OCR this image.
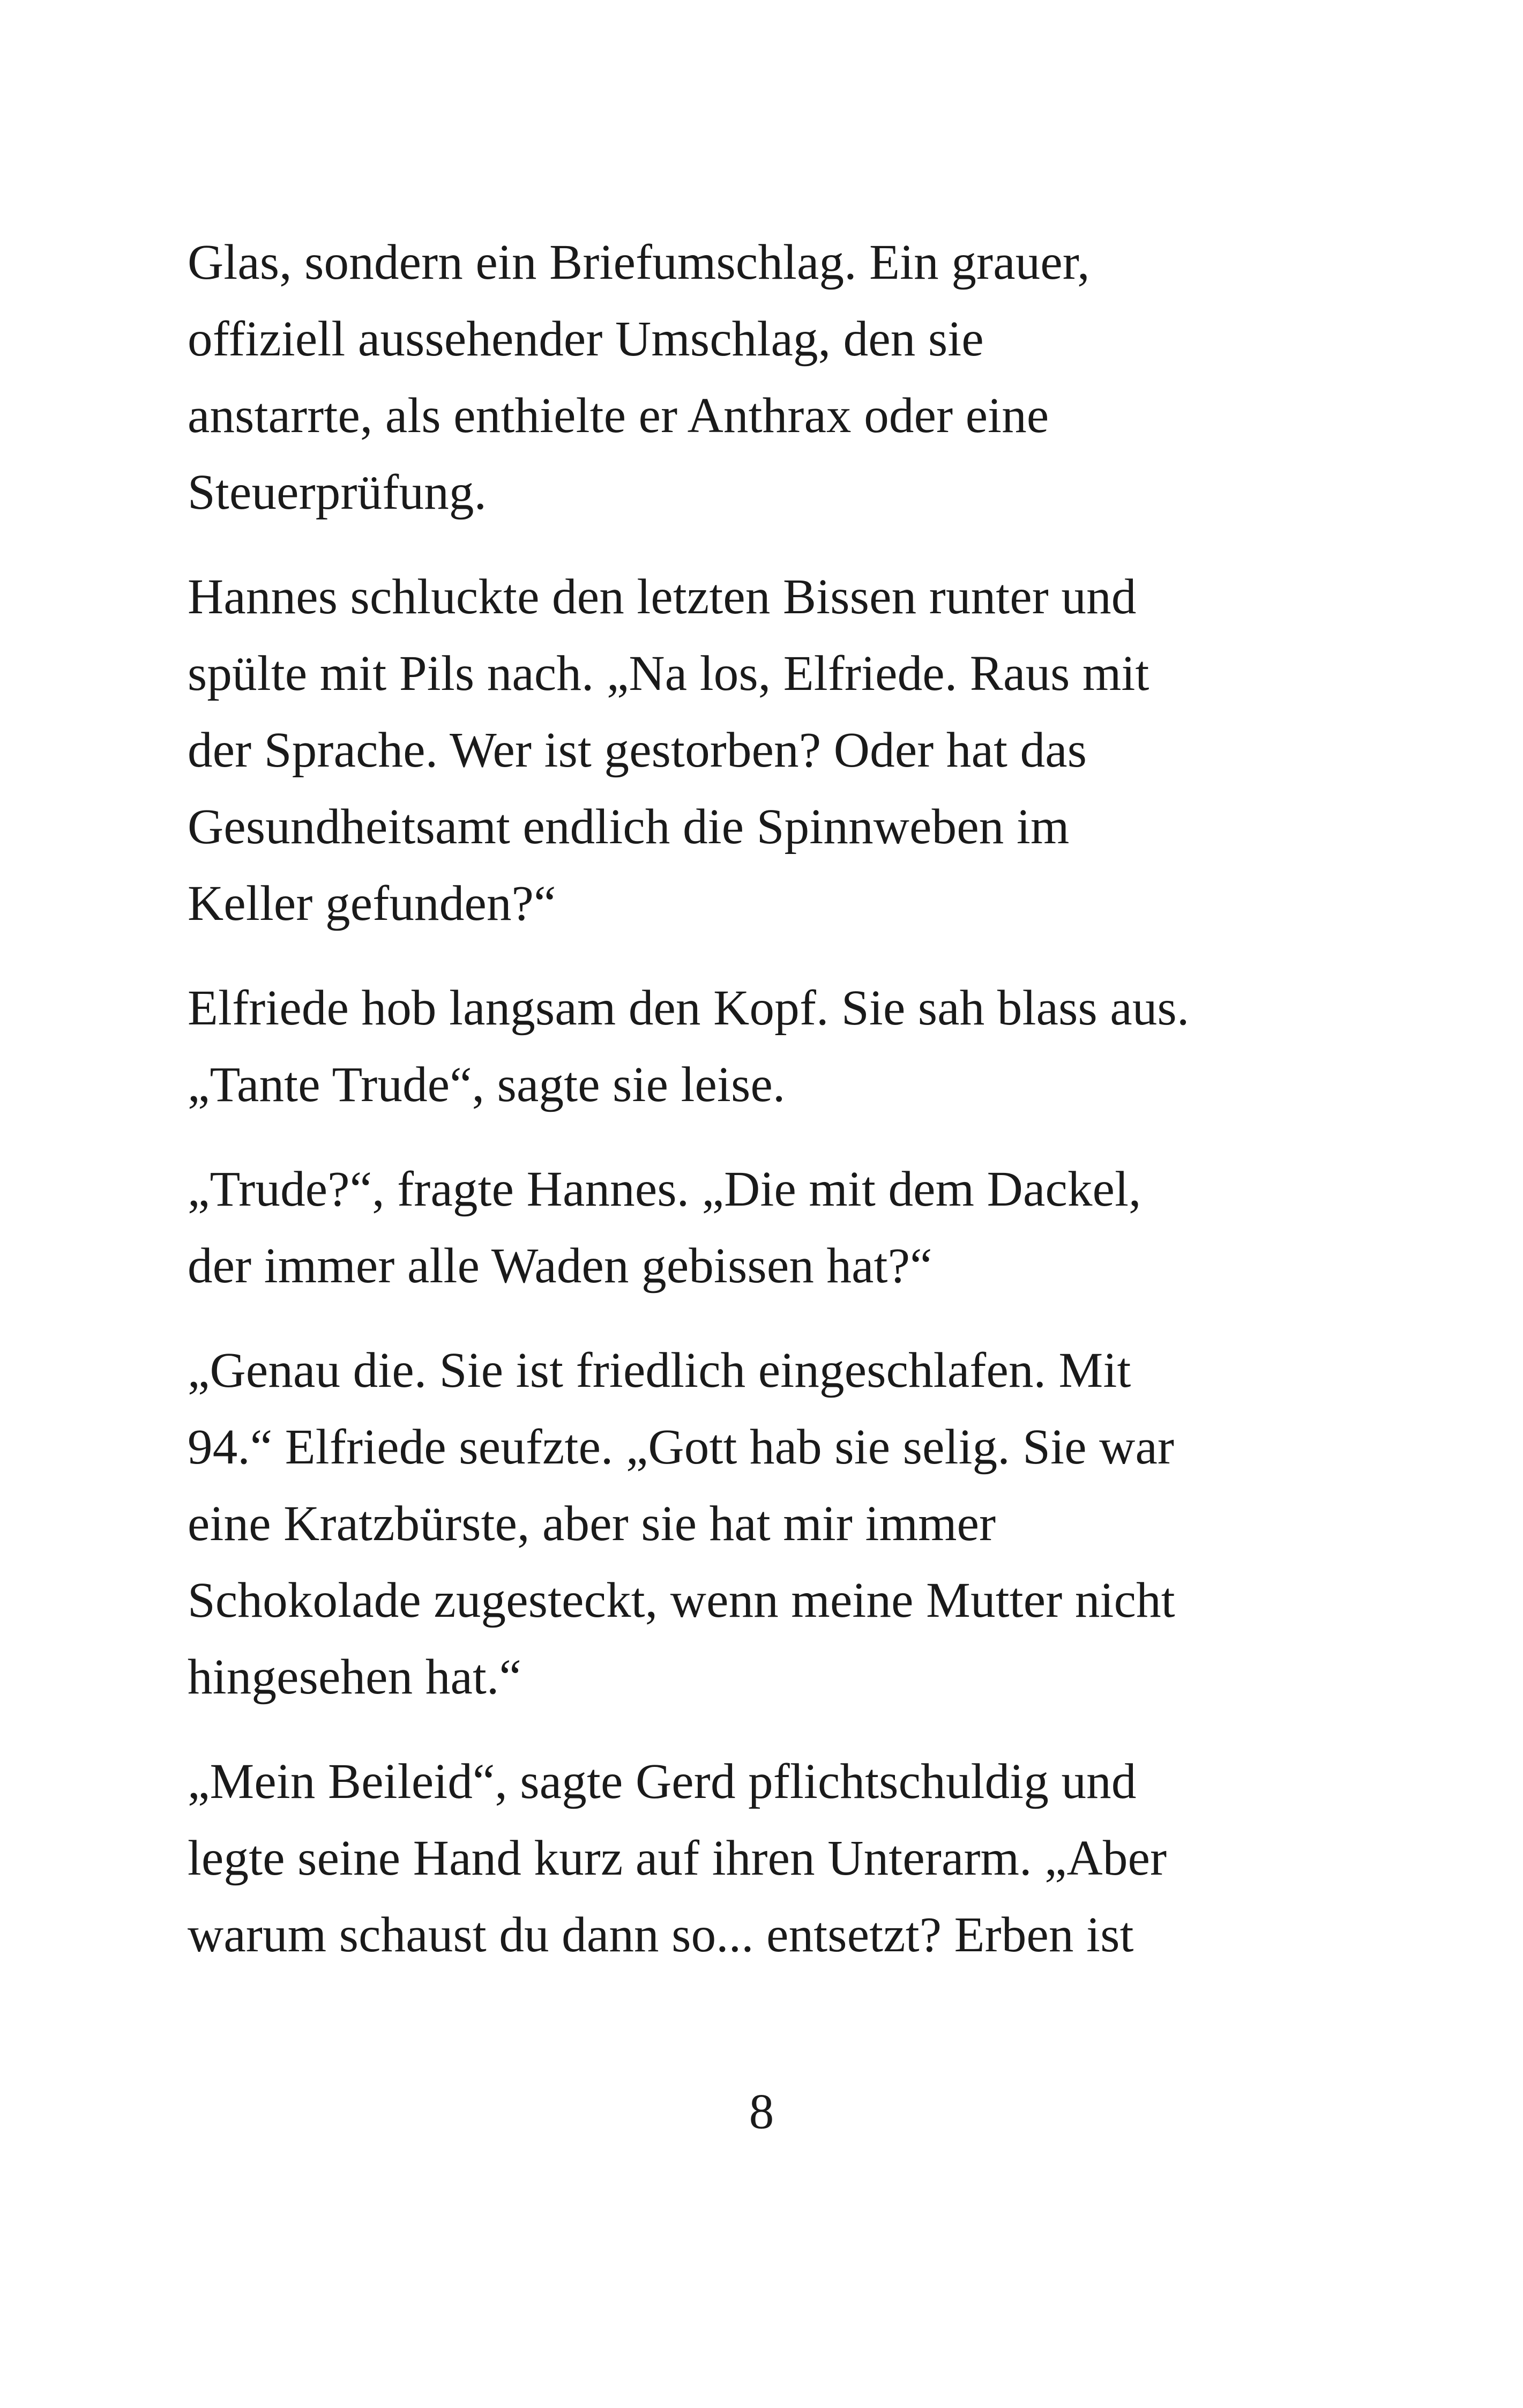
Glas, sondern ein Briefumschlag. Ein grauer,
offiziell aussehender Umschlag, den sie
anstarrte, als enthielte er Anthrax oder eine
Steuerprüfung.

Hannes schluckte den letzten Bissen runter und
spülte mit Pils nach. „Na los, Elfriede. Raus mit
der Sprache. Wer ist gestorben? Oder hat das
Gesundheitsamt endlich die Spinnweben im
Keller gefunden?“

Elfriede hob langsam den Kopf. Sie sah blass aus.
„Tante Trude“, sagte sie leise.

„Trude?“, fragte Hannes. „Die mit dem Dackel,
der immer alle Waden gebissen hat?“

„Genau die. Sie ist friedlich eingeschlafen. Mit
94.“ Elfriede seufzte. „Gott hab sie selig. Sie war
eine Kratzbürste, aber sie hat mir immer
Schokolade zugesteckt, wenn meine Mutter nicht
hingesehen hat.“

„Mein Beileid“, sagte Gerd pflichtschuldig und
legte seine Hand kurz auf ihren Unterarm. „Aber
warum schaust du dann so... entsetzt? Erben ist

8
